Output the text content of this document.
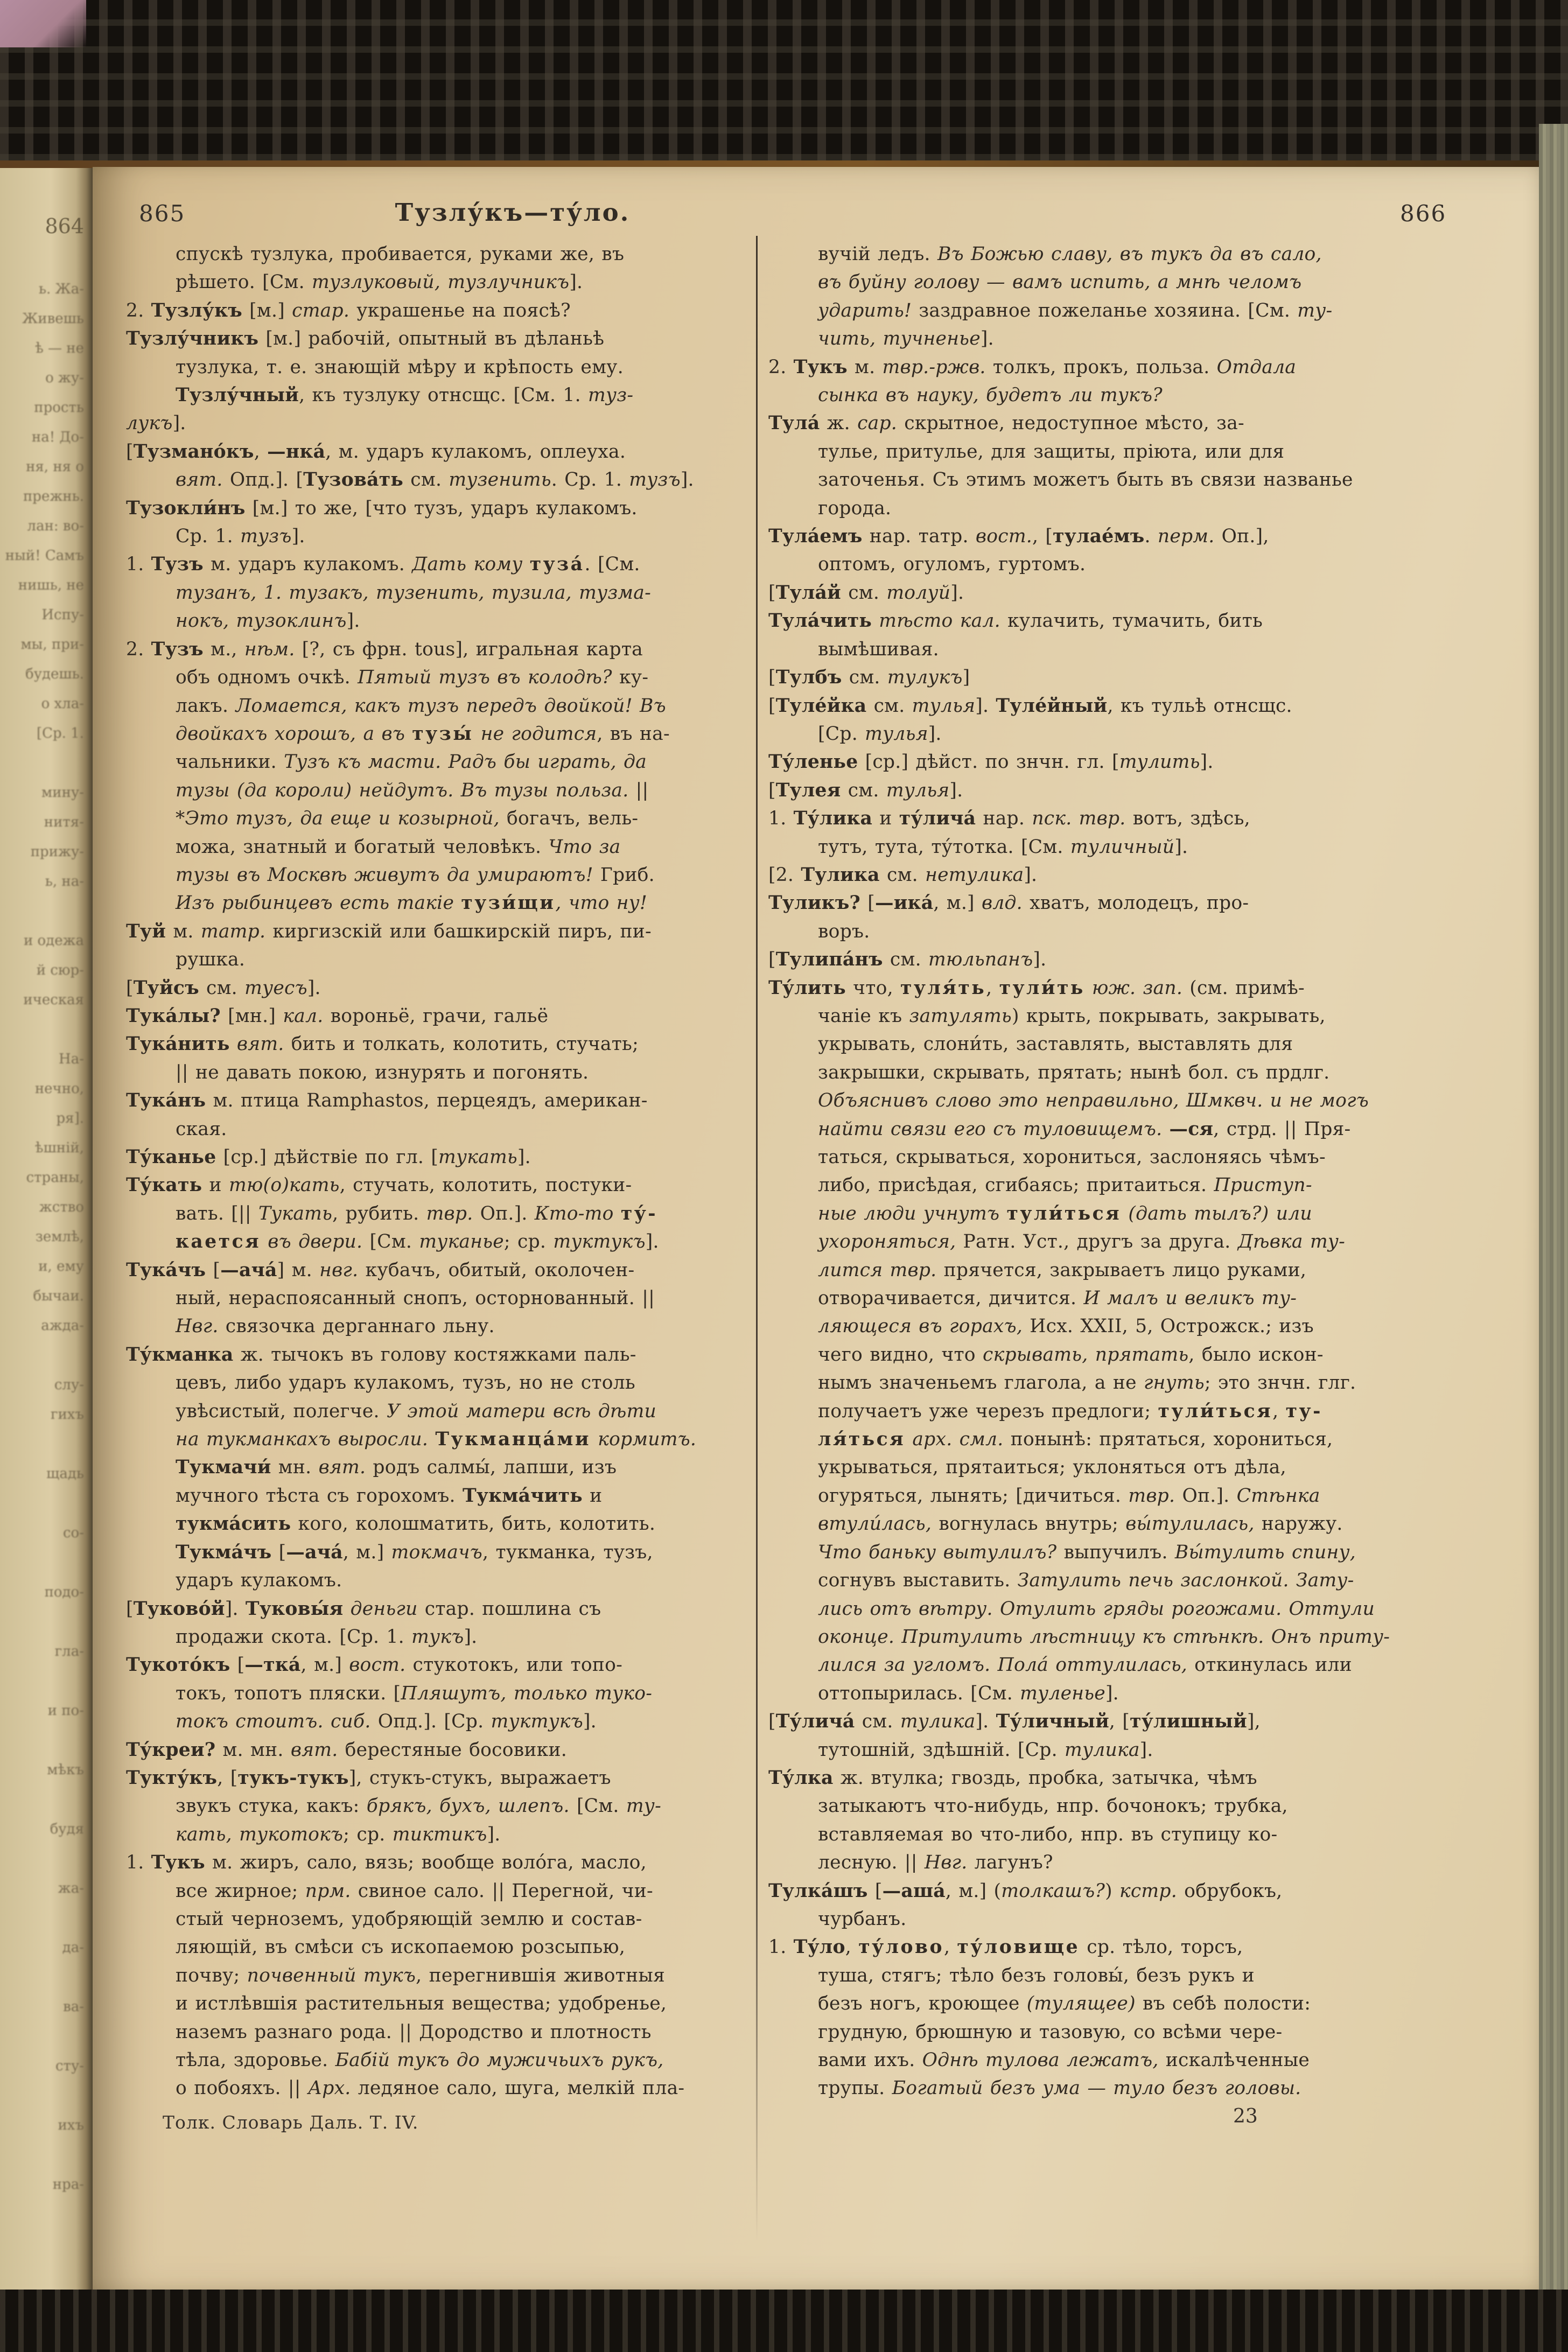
864
ь. Жа-
Живешь
ѣ — не
о жу-
прость
на! До-
ня, ня о
прежнь.
лан: во-
ный! Самъ
нишь, не
Испу-
мы, при-
будешь.
о хла-
[Ср. 1.
мину-
нитя-
прижу-
ь, на-
и одежа
й сюр-
ическая
На-
нечно,
ря].
ѣшній,
страны,
жство
землѣ,
и, ему
бычаи.
ажда-
слу-
гихъ
щадь
со-
подо-
гла-
и по-
мѣкъ
будя
жа-
да-
ва-
сту-
ихъ
нра-
865	Тузлу́къ—ту́ло.	866
спускѣ тузлука, пробивается, руками же, въ
рѣшето. [См. тузлуковый, тузлучникъ].
2. Тузлу́къ [м.] стар. украшенье на поясѣ?
Тузлу́чникъ [м.] рабочій, опытный въ дѣланьѣ
тузлука, т. е. знающій мѣру и крѣпость ему.
Тузлу́чный, къ тузлуку отнсщс. [См. 1. туз-
лукъ].
[Тузмано́къ, —нка́, м. ударъ кулакомъ, оплеуха.
вят. Опд.]. [Тузова́ть см. тузенить. Ср. 1. тузъ].
Тузокли́нъ [м.] то же, [что тузъ, ударъ кулакомъ.
Ср. 1. тузъ].
1. Тузъ м. ударъ кулакомъ. Дать кому туза́. [См.
тузанъ, 1. тузакъ, тузенить, тузила, тузма-
нокъ, тузоклинъ].
2. Тузъ м., нѣм. [?, съ фрн. tous], игральная карта
объ одномъ очкѣ. Пятый тузъ въ колодѣ? ку-
лакъ. Ломается, какъ тузъ передъ двойкой! Въ
двойкахъ хорошъ, а въ тузы́ не годится, въ на-
чальники. Тузъ къ масти. Радъ бы играть, да
тузы (да короли) нейдутъ. Въ тузы польза. ||
*Это тузъ, да еще и козырной, богачъ, вель-
можа, знатный и богатый человѣкъ. Что за
тузы въ Москвѣ живутъ да умираютъ! Гриб.
Изъ рыбинцевъ есть такіе тузи́щи, что ну!
Туй м. татр. киргизскій или башкирскій пиръ, пи-
рушка.
[Туйсъ см. туесъ].
Тука́лы? [мн.] кал. вороньё, грачи, гальё
Тука́нить вят. бить и толкать, колотить, стучать;
|| не давать покою, изнурять и погонять.
Тука́нъ м. птица Ramphastos, перцеядъ, американ-
ская.
Ту́канье [ср.] дѣйствіе по гл. [тукать].
Ту́кать и тю(о)кать, стучать, колотить, постуки-
вать. [|| Тукать, рубить. твр. Оп.]. Кто-то ту́-
кается въ двери. [См. туканье; ср. туктукъ].
Тука́чъ [—ача́] м. нвг. кубачъ, обитый, околочен-
ный, нераспоясанный снопъ, осторнованный. ||
Нвг. связочка дерганнаго льну.
Ту́кманка ж. тычокъ въ голову костяжками паль-
цевъ, либо ударъ кулакомъ, тузъ, но не столь
увѣсистый, полегче. У этой матери всѣ дѣти
на тукманкахъ выросли. Тукманца́ми кормитъ.
Тукмачи́ мн. вят. родъ салмы́, лапши, изъ
мучного тѣста съ горохомъ. Тукма́чить и
тукма́сить кого, колошматить, бить, колотить.
Тукма́чъ [—ача́, м.] токмачъ, тукманка, тузъ,
ударъ кулакомъ.
[Туково́й]. Туковы́я деньги стар. пошлина съ
продажи скота. [Ср. 1. тукъ].
Тукото́къ [—тка́, м.] вост. стукотокъ, или топо-
токъ, топотъ пляски. [Пляшутъ, только туко-
токъ стоитъ. сиб. Опд.]. [Ср. туктукъ].
Ту́креи? м. мн. вят. берестяные босовики.
Тукту́къ, [тукъ-тукъ], стукъ-стукъ, выражаетъ
звукъ стука, какъ: брякъ, бухъ, шлепъ. [См. ту-
кать, тукотокъ; ср. тиктикъ].
1. Тукъ м. жиръ, сало, вязь; вообще воло́га, масло,
все жирное; прм. свиное сало. || Перегной, чи-
стый черноземъ, удобряющій землю и состав-
ляющій, въ смѣси съ ископаемою розсыпью,
почву; почвенный тукъ, перегнившія животныя
и истлѣвшія растительныя вещества; удобренье,
наземъ разнаго рода. || Дородство и плотность
тѣла, здоровье. Бабій тукъ до мужичьихъ рукъ,
о побояхъ. || Арх. ледяное сало, шуга, мелкій пла-
вучій ледъ. Въ Божью славу, въ тукъ да въ сало,
въ буйну голову — вамъ испить, а мнѣ челомъ
ударить! заздравное пожеланье хозяина. [См. ту-
чить, тучненье].
2. Тукъ м. твр.-ржв. толкъ, прокъ, польза. Отдала
сынка въ науку, будетъ ли тукъ?
Тула́ ж. сар. скрытное, недоступное мѣсто, за-
тулье, притулье, для защиты, пріюта, или для
заточенья. Съ этимъ можетъ быть въ связи названье
города.
Тула́емъ нар. татр. вост., [тулае́мъ. перм. Оп.],
оптомъ, огуломъ, гуртомъ.
[Тула́й см. толуй].
Тула́чить тѣсто кал. кулачить, тумачить, бить
вымѣшивая.
[Тулбъ см. тулукъ]
[Туле́йка см. тулья]. Туле́йный, къ тульѣ отнсщс.
[Ср. тулья].
Ту́ленье [ср.] дѣйст. по знчн. гл. [тулить].
[Тулея см. тулья].
1. Ту́лика и ту́лича́ нар. пск. твр. вотъ, здѣсь,
тутъ, тута, ту́тотка. [См. туличный].
[2. Тулика см. нетулика].
Туликъ? [—ика́, м.] влд. хватъ, молодецъ, про-
воръ.
[Тулипа́нъ см. тюльпанъ].
Ту́лить что, туля́ть, тули́ть юж. зап. (см. примѣ-
чаніе къ затулять) крыть, покрывать, закрывать,
укрывать, слони́ть, заставлять, выставлять для
закрышки, скрывать, прятать; нынѣ бол. съ прдлг.
Объяснивъ слово это неправильно, Шмквч. и не могъ
найти связи его съ туловищемъ. —ся, стрд. || Пря-
таться, скрываться, хорониться, заслоняясь чѣмъ-
либо, присѣдая, сгибаясь; притаиться. Приступ-
ные люди учнутъ тули́ться (дать тылъ?) или
ухороняться, Ратн. Уст., другъ за друга. Дѣвка ту-
лится твр. прячется, закрываетъ лицо руками,
отворачивается, дичится. И малъ и великъ ту-
ляющеся въ горахъ, Исх. XXII, 5, Острожск.; изъ
чего видно, что скрывать, прятать, было искон-
нымъ значеньемъ глагола, а не гнуть; это знчн. глг.
получаетъ уже черезъ предлоги; тули́ться, ту-
ля́ться арх. смл. понынѣ: прятаться, хорониться,
укрываться, прятаиться; уклоняться отъ дѣла,
огуряться, лынять; [дичиться. твр. Оп.]. Стѣнка
втули́лась, вогнулась внутрь; вы́тулилась, наружу.
Что баньку вытулилъ? выпучилъ. Вы́тулить спину,
согнувъ выставить. Затулить печь заслонкой. Зату-
лись отъ вѣтру. Отулить гряды рогожами. Оттули
оконце. Притулить лѣстницу къ стѣнкѣ. Онъ приту-
лился за угломъ. Пола́ оттулилась, откинулась или
оттопырилась. [См. туленье].
[Ту́лича́ см. тулика]. Ту́личный, [ту́лишный],
тутошній, здѣшній. [Ср. тулика].
Ту́лка ж. втулка; гвоздь, пробка, затычка, чѣмъ
затыкаютъ что-нибудь, нпр. бочонокъ; трубка,
вставляемая во что-либо, нпр. въ ступицу ко-
лесную. || Нвг. лагунъ?
Тулка́шъ [—аша́, м.] (толкашъ?) кстр. обрубокъ,
чурбанъ.
1. Ту́ло, ту́лово, ту́ловище ср. тѣло, торсъ,
туша, стягъ; тѣло безъ головы́, безъ рукъ и
безъ ногъ, кроющее (тулящее) въ себѣ полости:
грудную, брюшную и тазовую, со всѣми чере-
вами ихъ. Однѣ тулова лежатъ, искалѣченные
трупы. Богатый безъ ума — туло безъ головы.
Толк. Словарь Даль. Т. IV.	23
